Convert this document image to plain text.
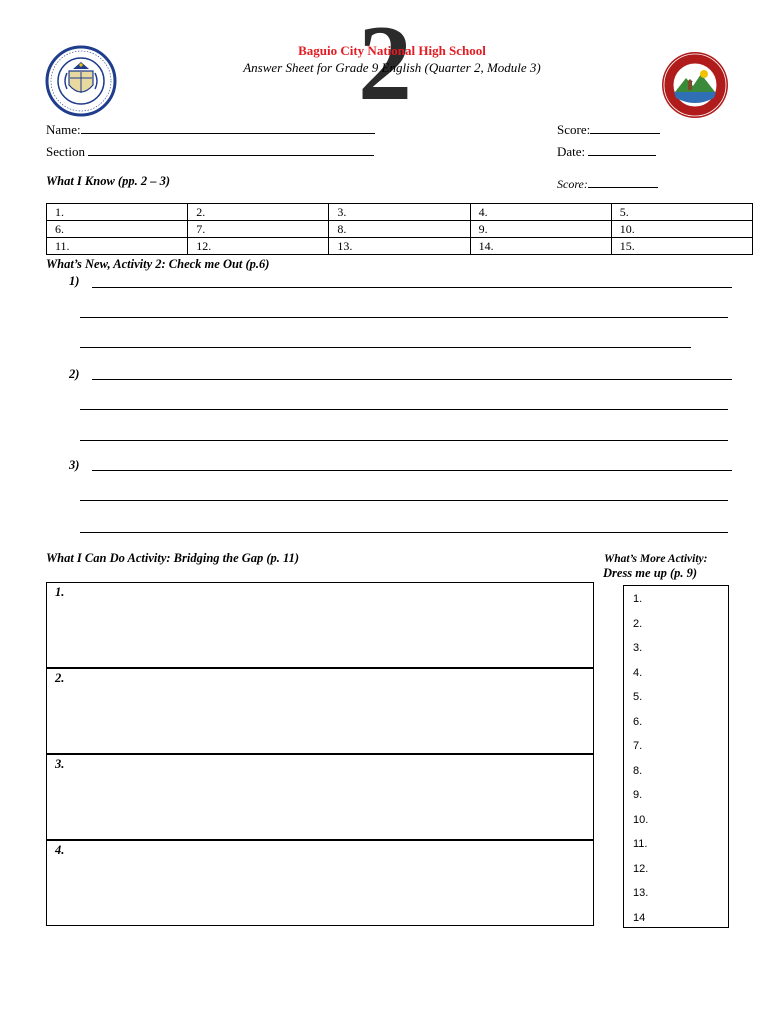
2
Baguio City National High School
Answer Sheet for Grade 9 English (Quarter 2, Module 3)
Name:
Section
Score:
Date:
What I Know (pp. 2 – 3)	Score:
1.	2.	3.	4.	5.
6.	7.	8.	9.	10.
11.	12.	13.	14.	15.
What’s New, Activity 2: Check me Out (p.6)
1)
2)
3)
What I Can Do Activity: Bridging the Gap (p. 11)
1.
2.
3.
4.
What’s More Activity:
Dress me up (p. 9)
1.
2.
3.
4.
5.
6.
7.
8.
9.
10.
11.
12.
13.
14
